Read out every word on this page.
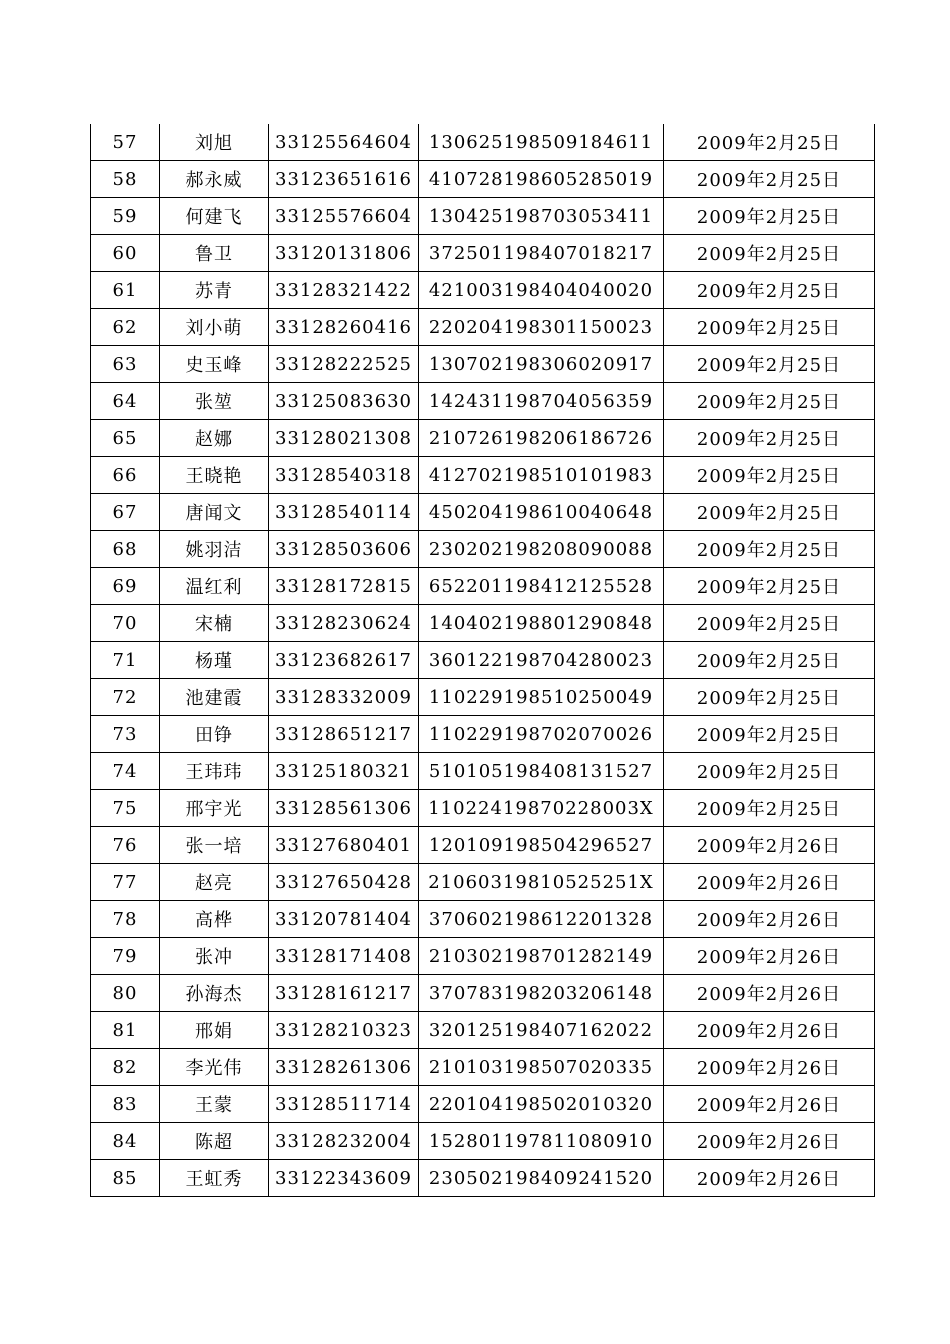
57	刘旭	33125564604	130625198509184611	2009年2月25日
58	郝永威	33123651616	410728198605285019	2009年2月25日
59	何建飞	33125576604	130425198703053411	2009年2月25日
60	鲁卫	33120131806	372501198407018217	2009年2月25日
61	苏青	33128321422	421003198404040020	2009年2月25日
62	刘小萌	33128260416	220204198301150023	2009年2月25日
63	史玉峰	33128222525	130702198306020917	2009年2月25日
64	张堃	33125083630	142431198704056359	2009年2月25日
65	赵娜	33128021308	210726198206186726	2009年2月25日
66	王晓艳	33128540318	412702198510101983	2009年2月25日
67	唐闻文	33128540114	450204198610040648	2009年2月25日
68	姚羽洁	33128503606	230202198208090088	2009年2月25日
69	温红利	33128172815	652201198412125528	2009年2月25日
70	宋楠	33128230624	140402198801290848	2009年2月25日
71	杨瑾	33123682617	360122198704280023	2009年2月25日
72	池建霞	33128332009	110229198510250049	2009年2月25日
73	田铮	33128651217	110229198702070026	2009年2月25日
74	王玮玮	33125180321	510105198408131527	2009年2月25日
75	邢宇光	33128561306	11022419870228003X	2009年2月25日
76	张一培	33127680401	120109198504296527	2009年2月26日
77	赵亮	33127650428	21060319810525251X	2009年2月26日
78	高桦	33120781404	370602198612201328	2009年2月26日
79	张冲	33128171408	210302198701282149	2009年2月26日
80	孙海杰	33128161217	370783198203206148	2009年2月26日
81	邢娟	33128210323	320125198407162022	2009年2月26日
82	李光伟	33128261306	210103198507020335	2009年2月26日
83	王蒙	33128511714	220104198502010320	2009年2月26日
84	陈超	33128232004	152801197811080910	2009年2月26日
85	王虹秀	33122343609	230502198409241520	2009年2月26日
